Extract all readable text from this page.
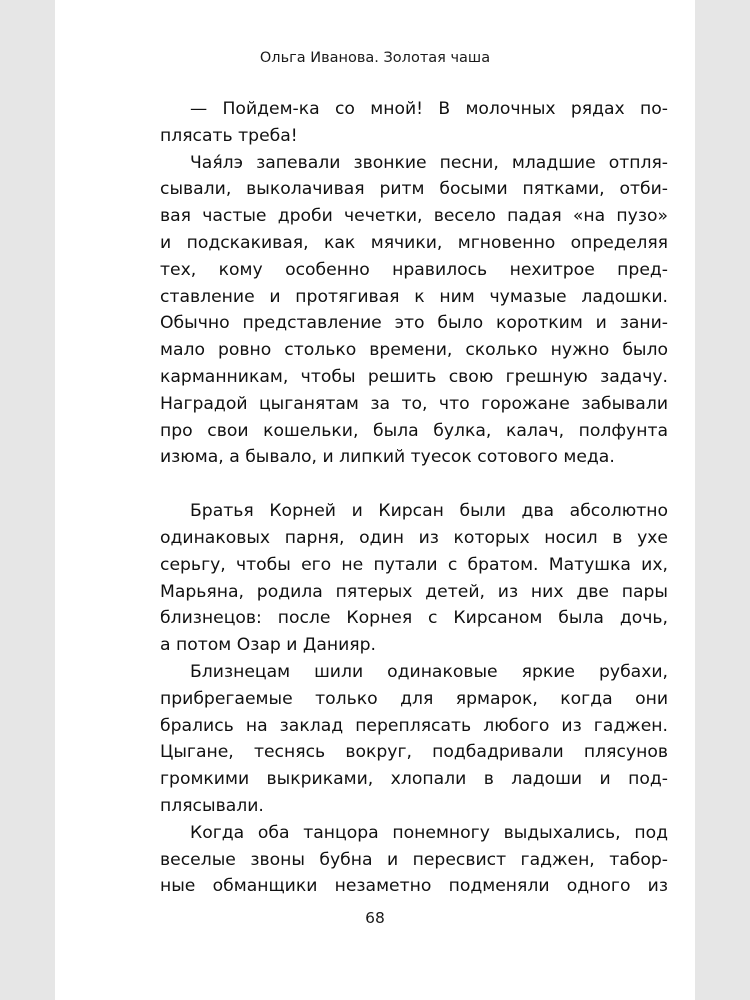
Ольга Иванова. Золотая чаша
— Пойдем-ка со мной! В молочных рядах по-
плясать треба!
Чая́лэ запевали звонкие песни, младшие отпля-
сывали, выколачивая ритм босыми пятками, отби-
вая частые дроби чечетки, весело падая «на пузо»
и подскакивая, как мячики, мгновенно определяя
тех, кому особенно нравилось нехитрое пред-
ставление и протягивая к ним чумазые ладошки.
Обычно представление это было коротким и зани-
мало ровно столько времени, сколько нужно было
карманникам, чтобы решить свою грешную задачу.
Наградой цыганятам за то, что горожане забывали
про свои кошельки, была булка, калач, полфунта
изюма, а бывало, и липкий туесок сотового меда.
Братья Корней и Кирсан были два абсолютно
одинаковых парня, один из которых носил в ухе
серьгу, чтобы его не путали с братом. Матушка их,
Марьяна, родила пятерых детей, из них две пары
близнецов: после Корнея с Кирсаном была дочь,
а потом Озар и Данияр.
Близнецам шили одинаковые яркие рубахи,
прибрегаемые только для ярмарок, когда они
брались на заклад переплясать любого из гаджен.
Цыгане, теснясь вокруг, подбадривали плясунов
громкими выкриками, хлопали в ладоши и под-
плясывали.
Когда оба танцора понемногу выдыхались, под
веселые звоны бубна и пересвист гаджен, табор-
ные обманщики незаметно подменяли одного из
68
